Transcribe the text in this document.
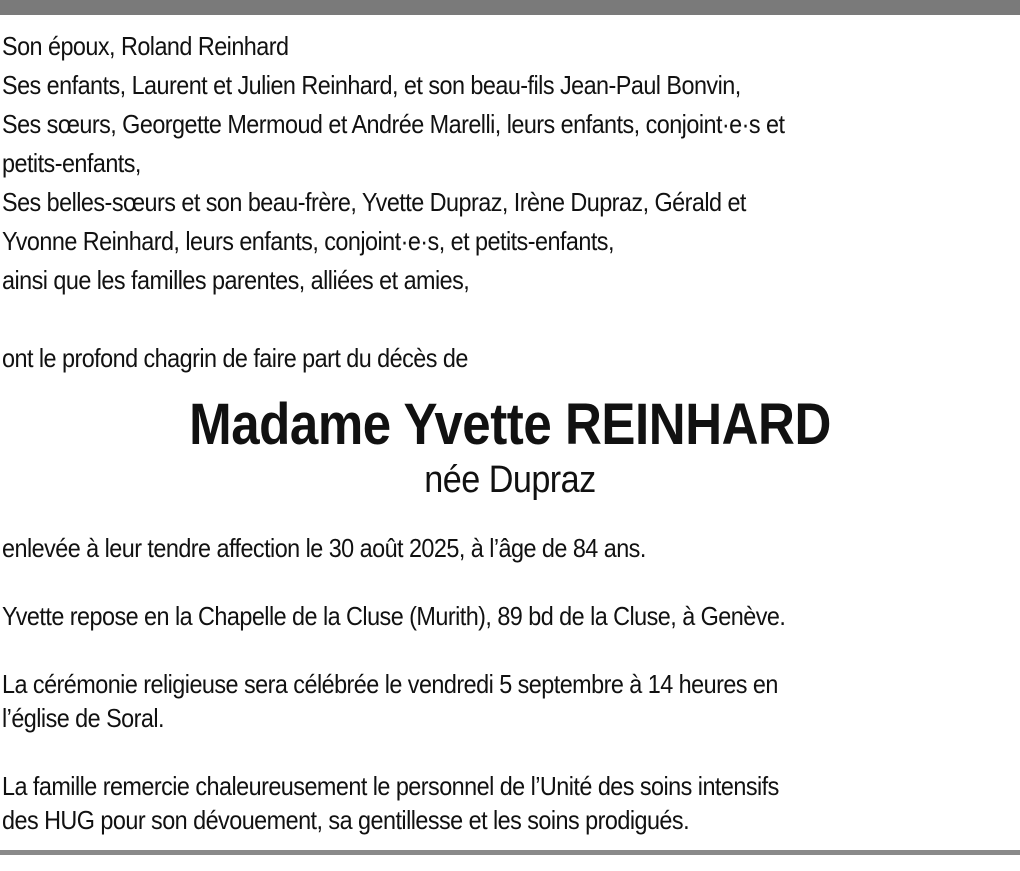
Son époux, Roland Reinhard
Ses enfants, Laurent et Julien Reinhard, et son beau-fils Jean-Paul Bonvin,
Ses sœurs, Georgette Mermoud et Andrée Marelli, leurs enfants, conjoint·e·s et
petits-enfants,
Ses belles-sœurs et son beau-frère, Yvette Dupraz, Irène Dupraz, Gérald et
Yvonne Reinhard, leurs enfants, conjoint·e·s, et petits-enfants,
ainsi que les familles parentes, alliées et amies,
ont le profond chagrin de faire part du décès de
Madame Yvette REINHARD
née Dupraz
enlevée à leur tendre affection le 30 août 2025, à l’âge de 84 ans.
Yvette repose en la Chapelle de la Cluse (Murith), 89 bd de la Cluse, à Genève.
La cérémonie religieuse sera célébrée le vendredi 5 septembre à 14 heures en
l’église de Soral.
La famille remercie chaleureusement le personnel de l’Unité des soins intensifs
des HUG pour son dévouement, sa gentillesse et les soins prodigués.
